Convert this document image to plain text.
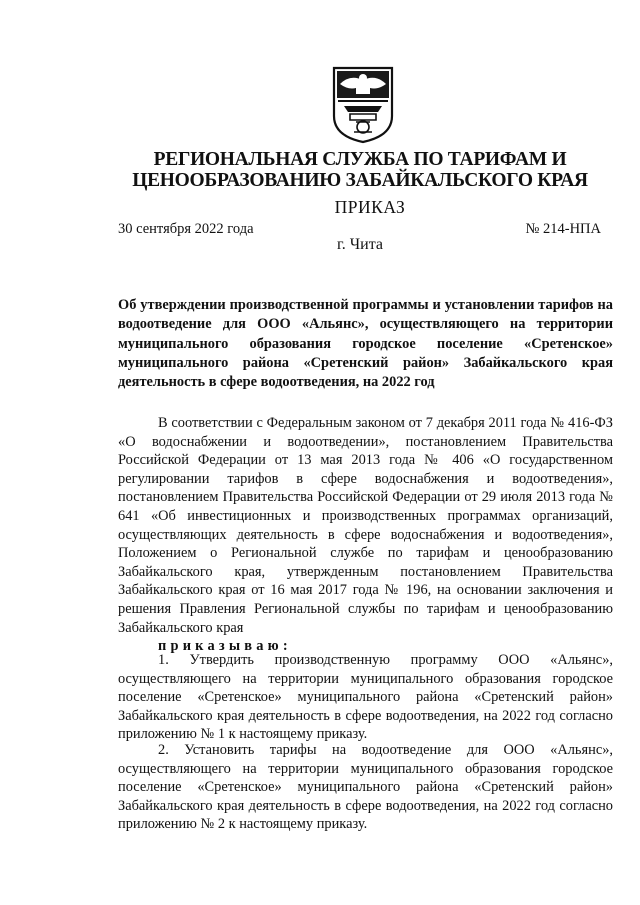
РЕГИОНАЛЬНАЯ СЛУЖБА ПО ТАРИФАМ И
ЦЕНООБРАЗОВАНИЮ ЗАБАЙКАЛЬСКОГО КРАЯ
ПРИКАЗ
30 сентября 2022 года	№ 214-НПА
г. Чита
Об утверждении производственной программы и установлении тарифов на водоотведение для ООО «Альянс», осуществляющего на территории муниципального образования городское поселение «Сретенское» муниципального района «Сретенский район» Забайкальского края деятельность в сфере водоотведения, на 2022 год
В соответствии с Федеральным законом от 7 декабря 2011 года № 416-ФЗ «О водоснабжении и водоотведении», постановлением Правительства Российской Федерации от 13 мая 2013 года № 406 «О государственном регулировании тарифов в сфере водоснабжения и водоотведения», постановлением Правительства Российской Федерации от 29 июля 2013 года № 641 «Об инвестиционных и производственных программах организаций, осуществляющих деятельность в сфере водоснабжения и водоотведения», Положением о Региональной службе по тарифам и ценообразованию Забайкальского края, утвержденным постановлением Правительства Забайкальского края от 16 мая 2017 года № 196, на основании заключения и решения Правления Региональной службы по тарифам и ценообразованию Забайкальского края
приказываю:
1. Утвердить производственную программу ООО «Альянс», осуществляющего на территории муниципального образования городское поселение «Сретенское» муниципального района «Сретенский район» Забайкальского края деятельность в сфере водоотведения, на 2022 год согласно приложению № 1 к настоящему приказу.
2. Установить тарифы на водоотведение для ООО «Альянс», осуществляющего на территории муниципального образования городское поселение «Сретенское» муниципального района «Сретенский район» Забайкальского края деятельность в сфере водоотведения, на 2022 год согласно приложению № 2 к настоящему приказу.
